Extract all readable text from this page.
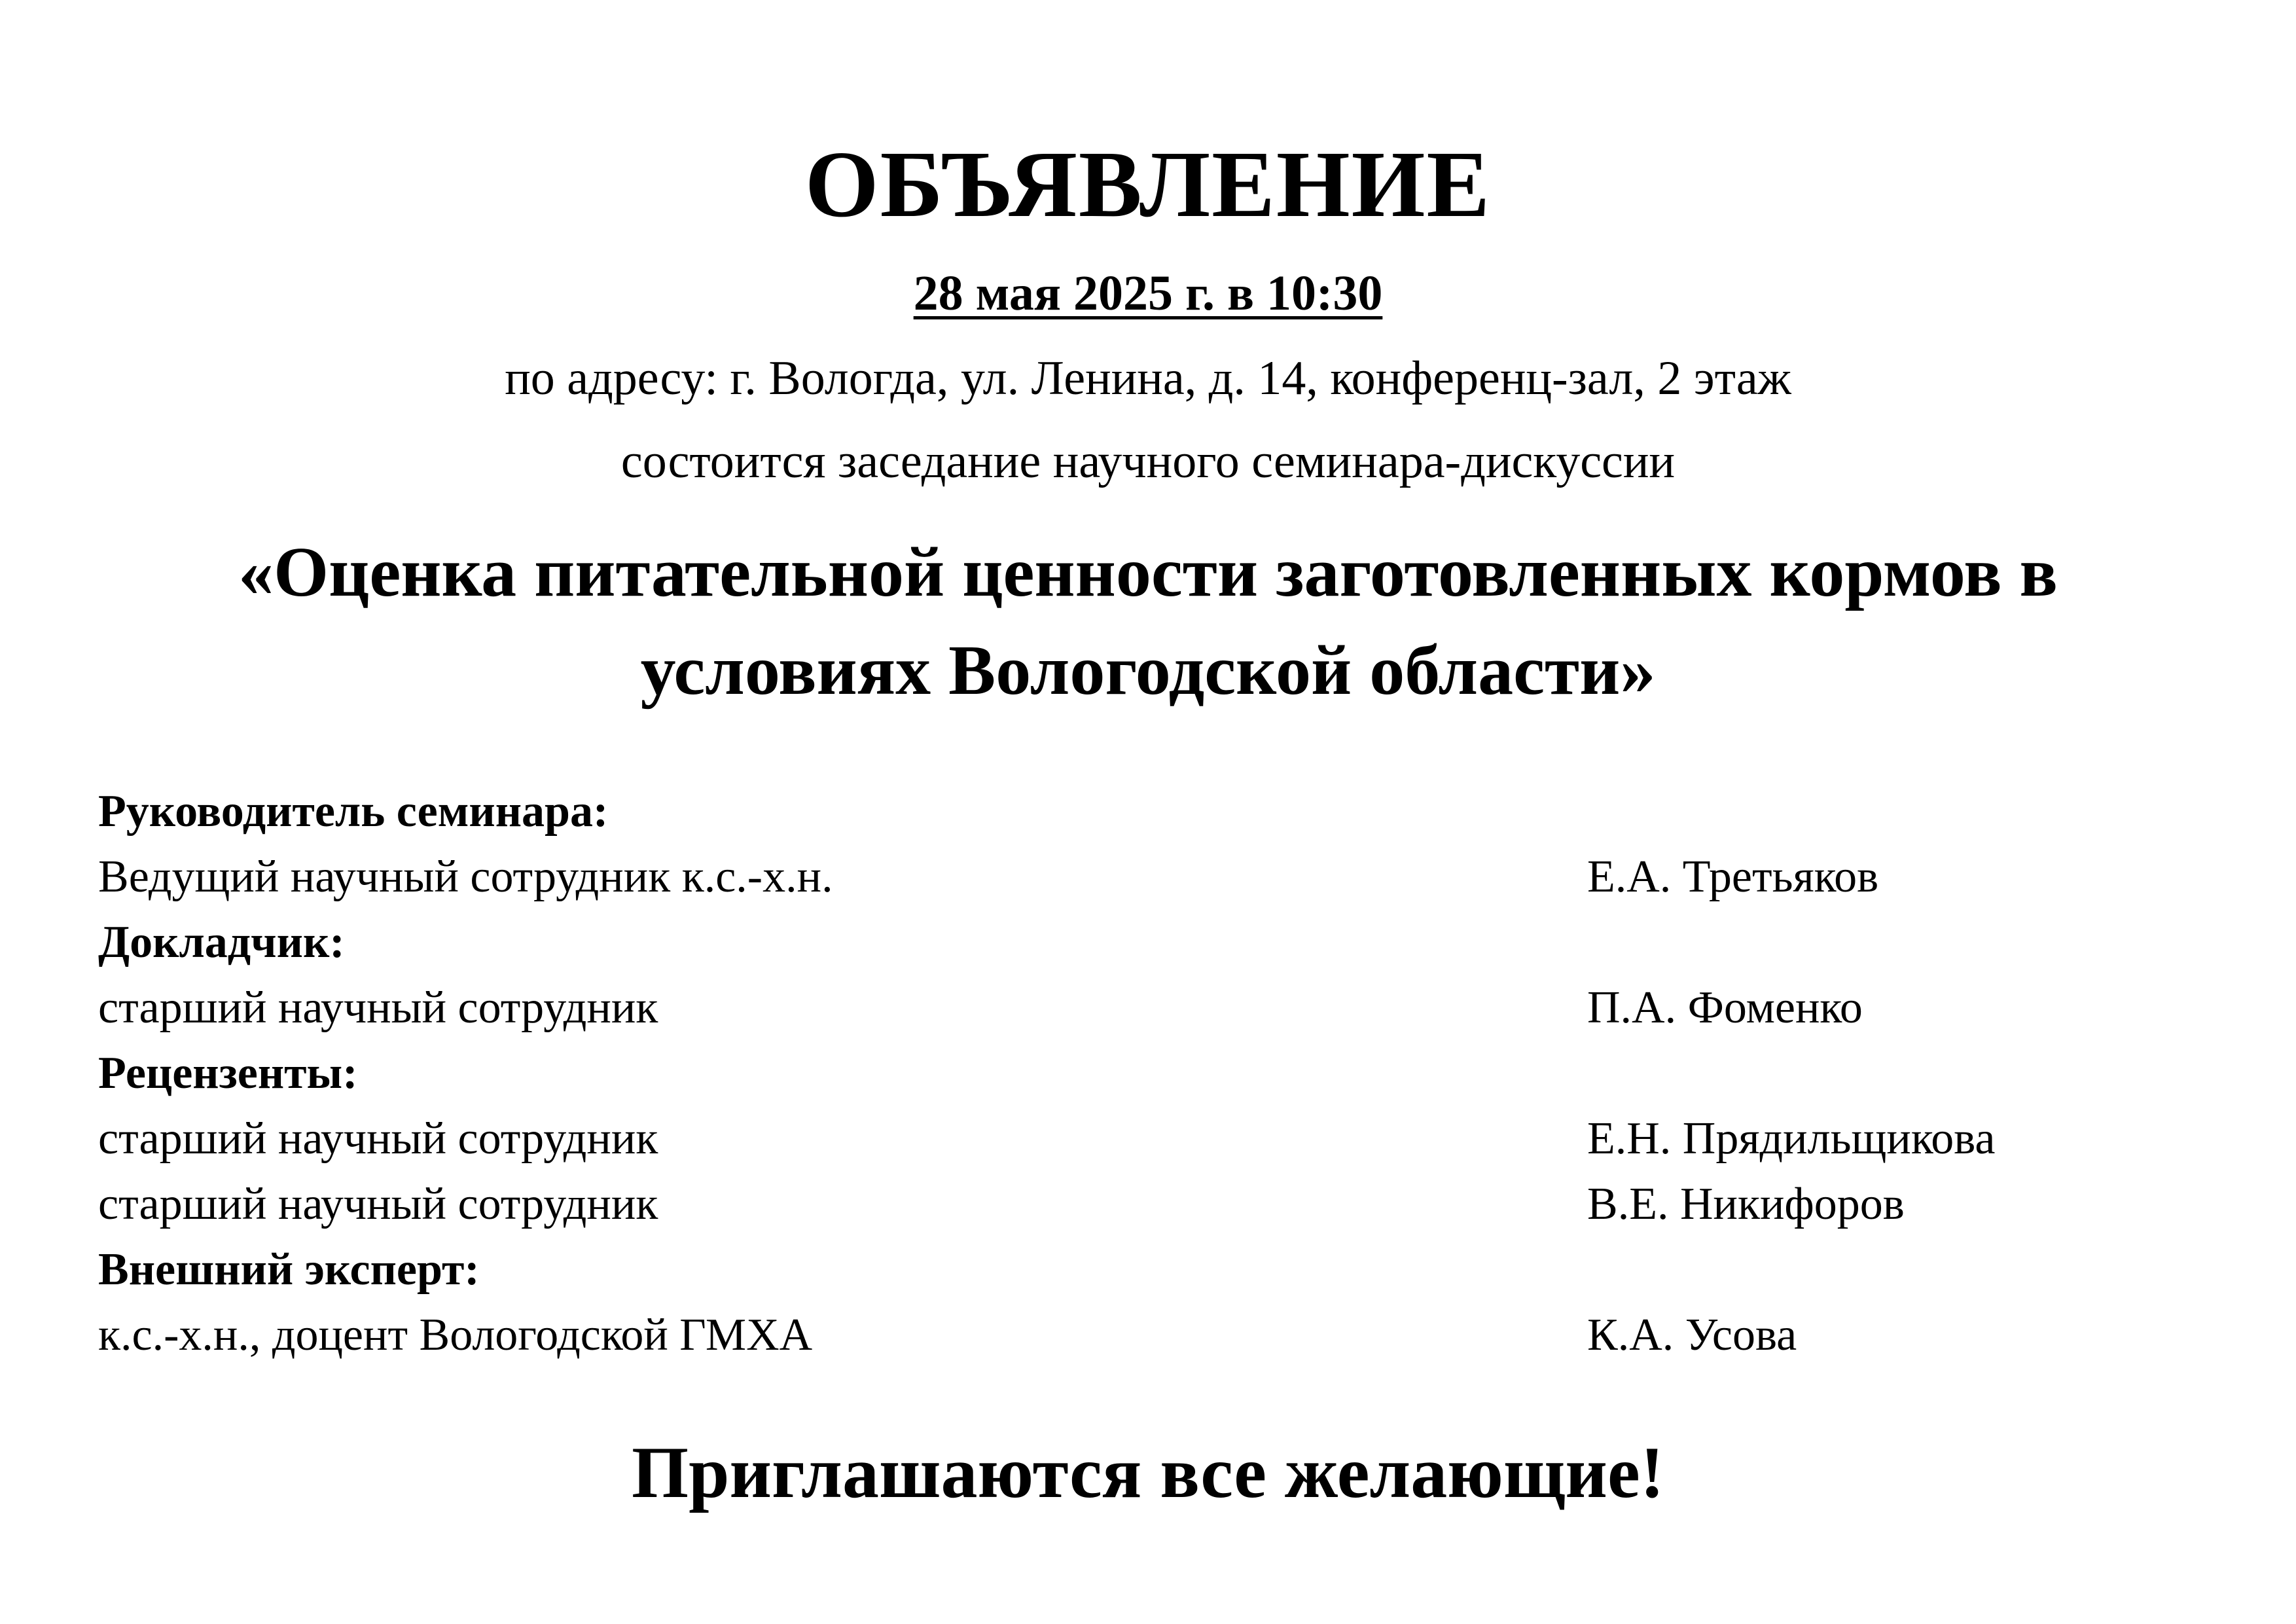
ОБЪЯВЛЕНИЕ
28 мая 2025 г. в 10:30
по адресу: г. Вологда, ул. Ленина, д. 14, конференц-зал, 2 этаж
состоится заседание научного семинара-дискуссии
«Оценка питательной ценности заготовленных кормов в
условиях Вологодской области»
Руководитель семинара:
Ведущий научный сотрудник к.с.-х.н.	Е.А. Третьяков
Докладчик:
старший научный сотрудник	П.А. Фоменко
Рецензенты:
старший научный сотрудник	Е.Н. Прядильщикова
старший научный сотрудник	В.Е. Никифоров
Внешний эксперт:
к.с.-х.н., доцент Вологодской ГМХА	К.А. Усова
Приглашаются все желающие!
